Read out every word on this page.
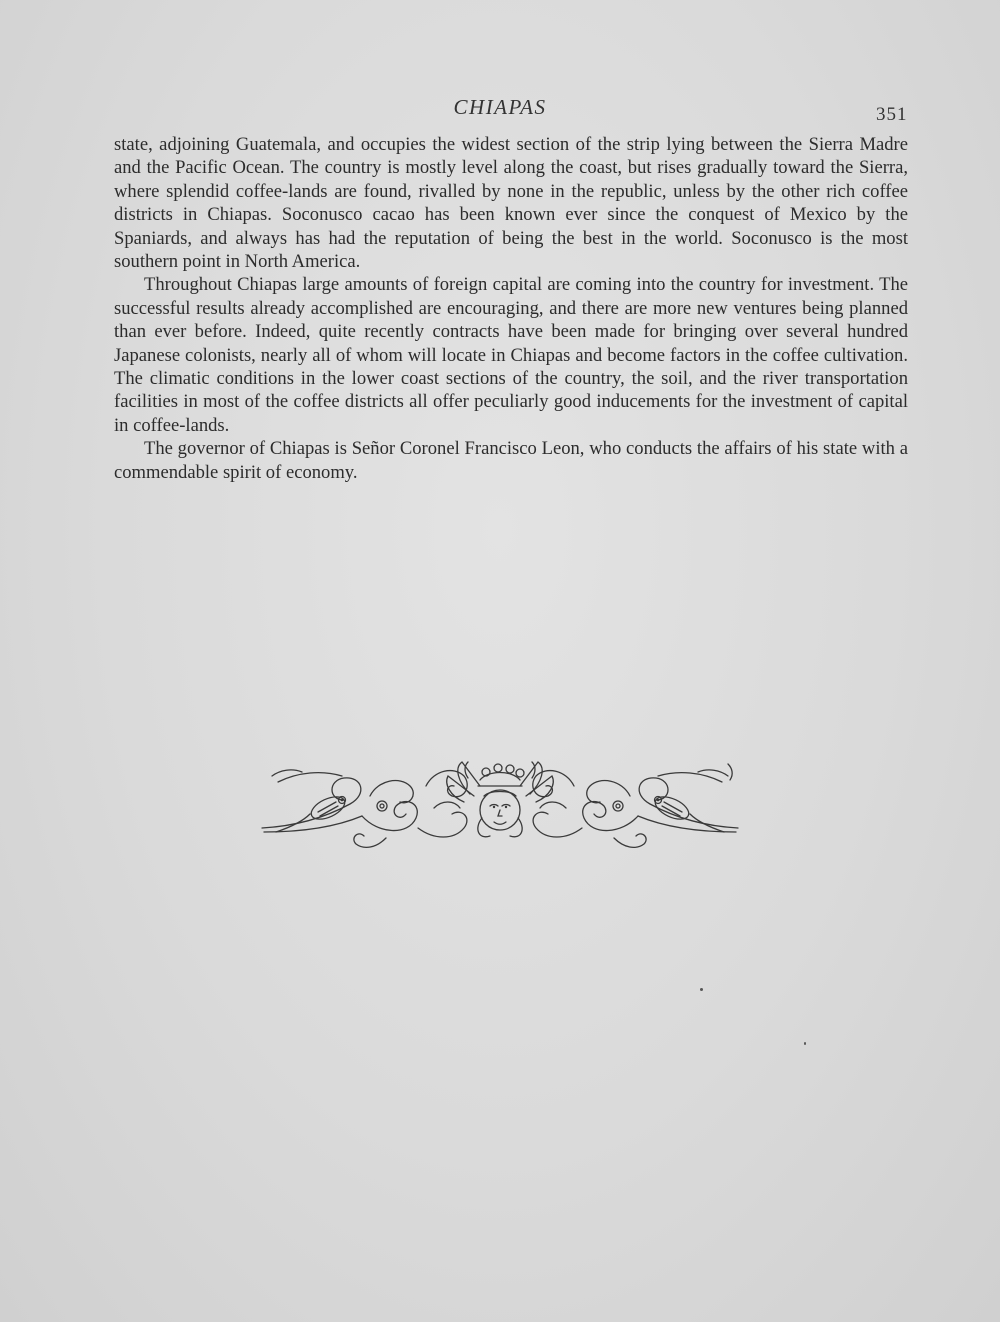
CHIAPAS	351

state, adjoining Guatemala, and occupies the widest section of the strip lying between the Sierra Madre and the Pacific Ocean. The country is mostly level along the coast, but rises gradually toward the Sierra, where splendid coffee-lands are found, rivalled by none in the republic, unless by the other rich coffee districts in Chiapas. Soconusco cacao has been known ever since the conquest of Mexico by the Spaniards, and always has had the reputation of being the best in the world. Soconusco is the most southern point in North America.

Throughout Chiapas large amounts of foreign capital are coming into the country for investment. The successful results already accomplished are encouraging, and there are more new ventures being planned than ever before. Indeed, quite recently contracts have been made for bringing over several hundred Japanese colonists, nearly all of whom will locate in Chiapas and become factors in the coffee cultivation. The climatic conditions in the lower coast sections of the country, the soil, and the river transportation facilities in most of the coffee districts all offer peculiarly good inducements for the investment of capital in coffee-lands.

The governor of Chiapas is Señor Coronel Francisco Leon, who conducts the affairs of his state with a commendable spirit of economy.
